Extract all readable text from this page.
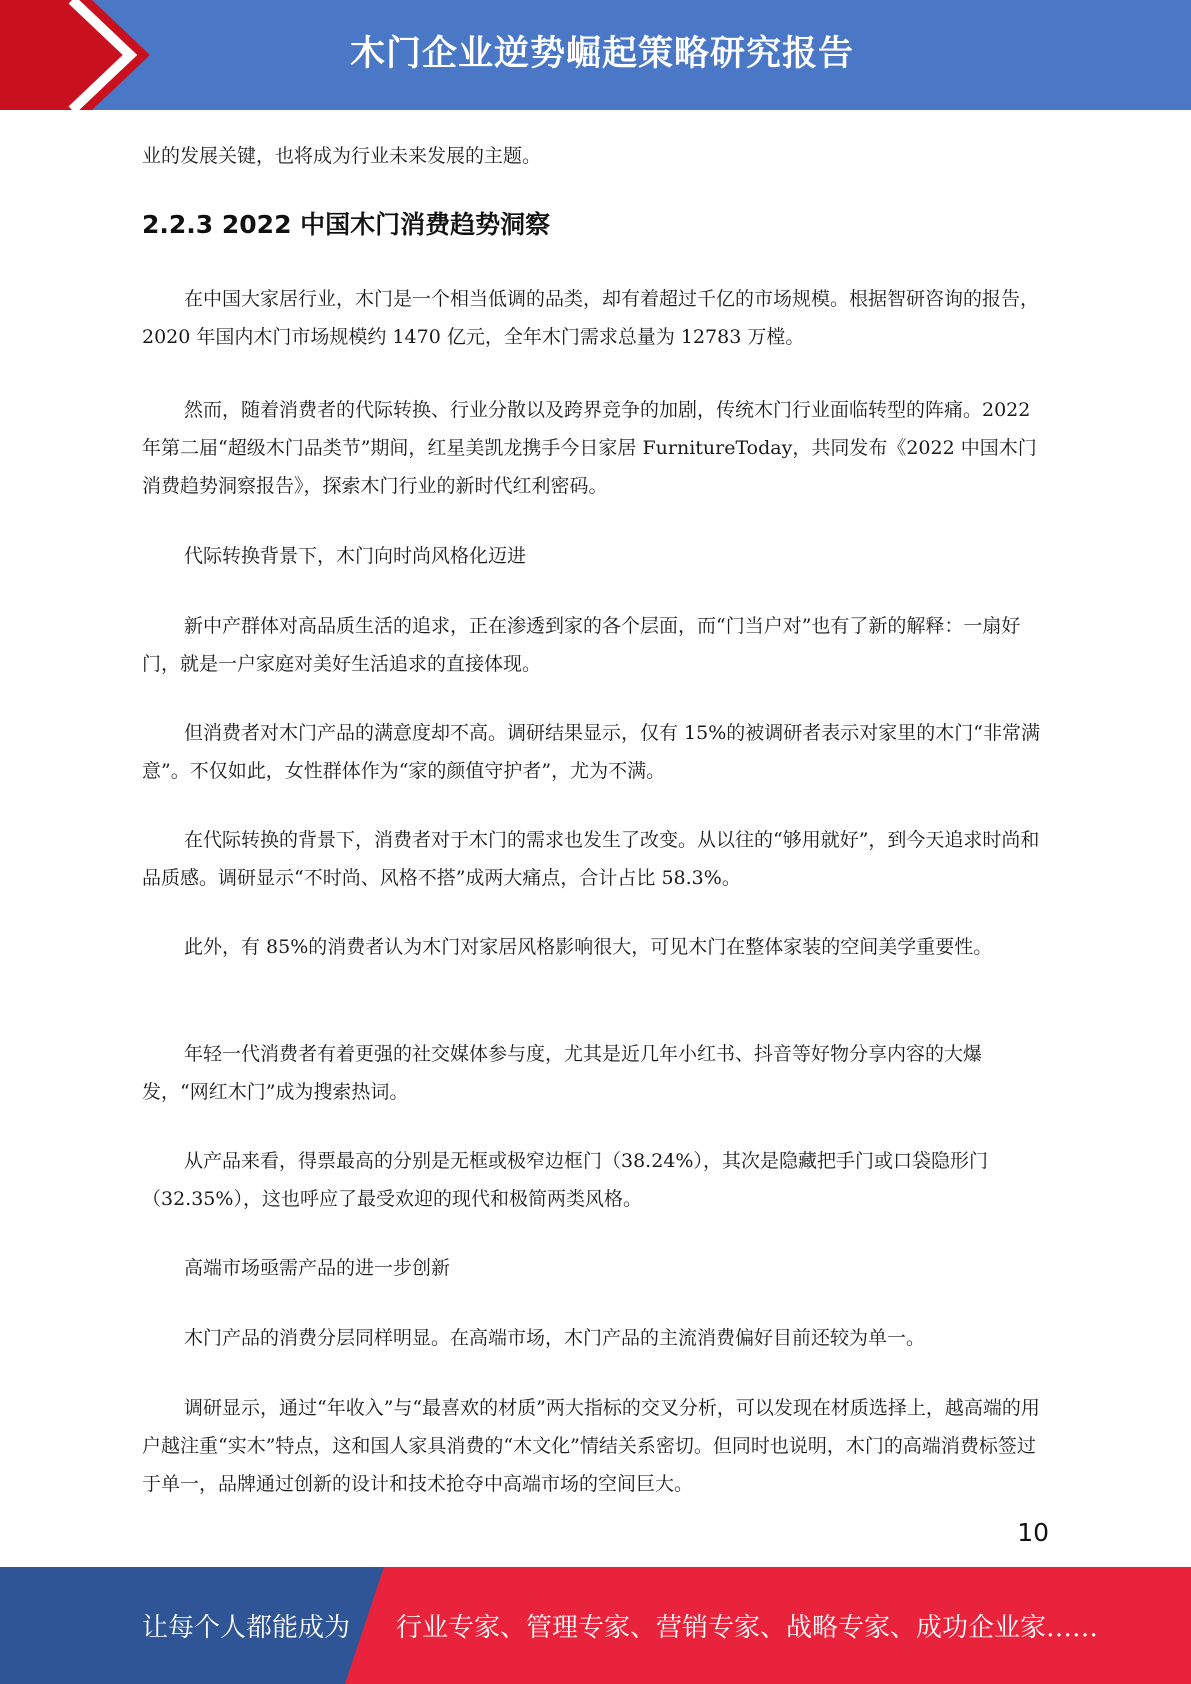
木门企业逆势崛起策略研究报告

业的发展关键，也将成为行业未来发展的主题。

2.2.3 2022 中国木门消费趋势洞察

在中国大家居行业，木门是一个相当低调的品类，却有着超过千亿的市场规模。根据智研咨询的报告，2020 年国内木门市场规模约 1470 亿元，全年木门需求总量为 12783 万樘。

然而，随着消费者的代际转换、行业分散以及跨界竞争的加剧，传统木门行业面临转型的阵痛。2022 年第二届“超级木门品类节”期间，红星美凯龙携手今日家居 FurnitureToday，共同发布《2022 中国木门消费趋势洞察报告》，探索木门行业的新时代红利密码。

代际转换背景下，木门向时尚风格化迈进

新中产群体对高品质生活的追求，正在渗透到家的各个层面，而“门当户对”也有了新的解释：一扇好门，就是一户家庭对美好生活追求的直接体现。

但消费者对木门产品的满意度却不高。调研结果显示，仅有 15%的被调研者表示对家里的木门“非常满意”。不仅如此，女性群体作为“家的颜值守护者”，尤为不满。

在代际转换的背景下，消费者对于木门的需求也发生了改变。从以往的“够用就好”，到今天追求时尚和品质感。调研显示“不时尚、风格不搭”成两大痛点，合计占比 58.3%。

此外，有 85%的消费者认为木门对家居风格影响很大，可见木门在整体家装的空间美学重要性。

年轻一代消费者有着更强的社交媒体参与度，尤其是近几年小红书、抖音等好物分享内容的大爆发，“网红木门”成为搜索热词。

从产品来看，得票最高的分别是无框或极窄边框门（38.24%），其次是隐藏把手门或口袋隐形门（32.35%），这也呼应了最受欢迎的现代和极简两类风格。

高端市场亟需产品的进一步创新

木门产品的消费分层同样明显。在高端市场，木门产品的主流消费偏好目前还较为单一。

调研显示，通过“年收入”与“最喜欢的材质”两大指标的交叉分析，可以发现在材质选择上，越高端的用户越注重“实木”特点，这和国人家具消费的“木文化”情结关系密切。但同时也说明，木门的高端消费标签过于单一，品牌通过创新的设计和技术抢夺中高端市场的空间巨大。

10
让每个人都能成为 行业专家、管理专家、营销专家、战略专家、成功企业家……
